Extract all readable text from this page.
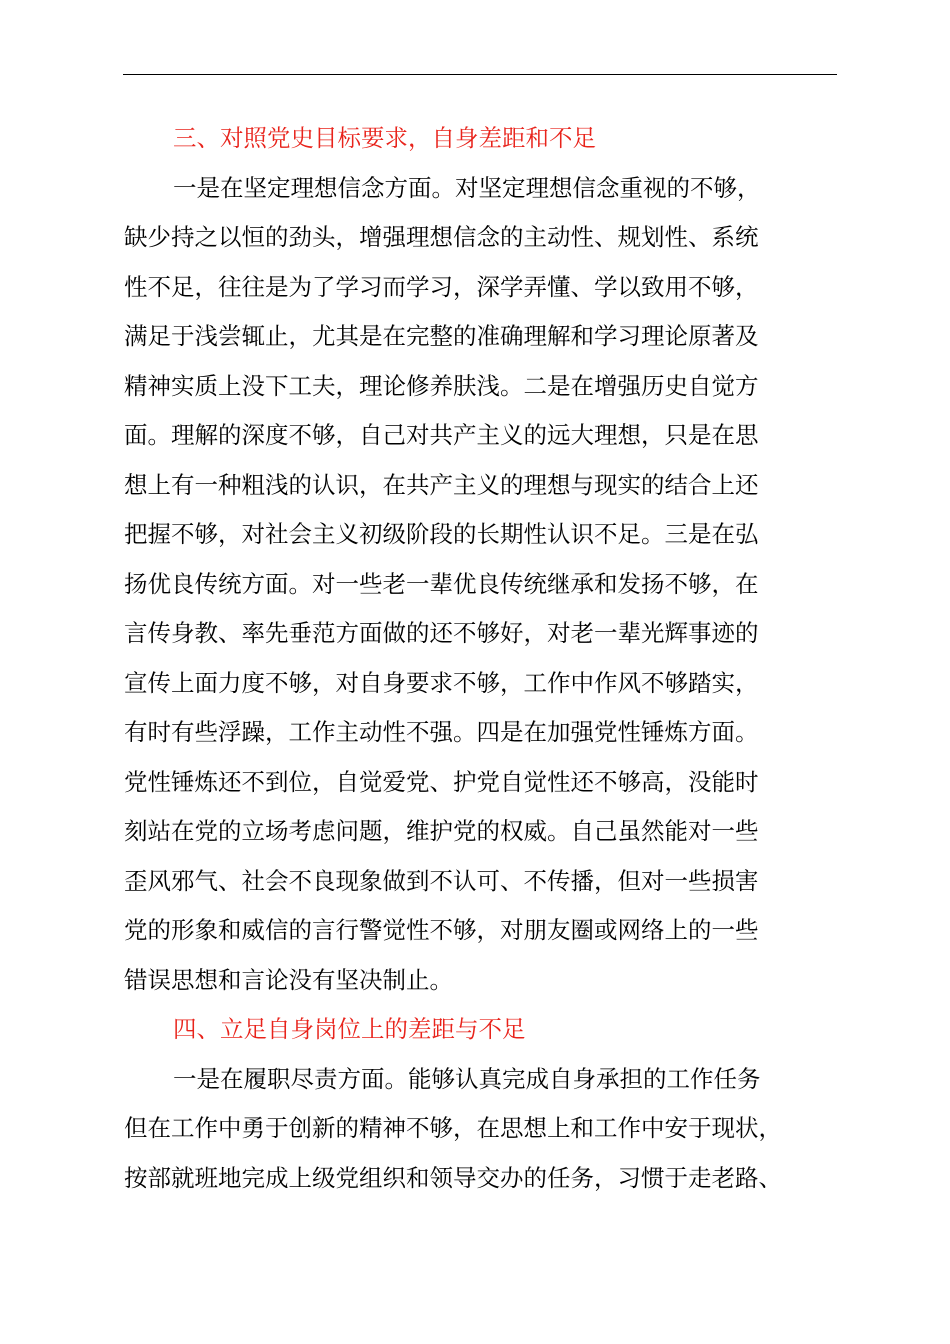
三、对照党史目标要求，自身差距和不足
一是在坚定理想信念方面。对坚定理想信念重视的不够，
缺少持之以恒的劲头，增强理想信念的主动性、规划性、系统
性不足，往往是为了学习而学习，深学弄懂、学以致用不够，
满足于浅尝辄止，尤其是在完整的准确理解和学习理论原著及
精神实质上没下工夫，理论修养肤浅。二是在增强历史自觉方
面。理解的深度不够，自己对共产主义的远大理想，只是在思
想上有一种粗浅的认识，在共产主义的理想与现实的结合上还
把握不够，对社会主义初级阶段的长期性认识不足。三是在弘
扬优良传统方面。对一些老一辈优良传统继承和发扬不够，在
言传身教、率先垂范方面做的还不够好，对老一辈光辉事迹的
宣传上面力度不够，对自身要求不够，工作中作风不够踏实，
有时有些浮躁，工作主动性不强。四是在加强党性锤炼方面。
党性锤炼还不到位，自觉爱党、护党自觉性还不够高，没能时
刻站在党的立场考虑问题，维护党的权威。自己虽然能对一些
歪风邪气、社会不良现象做到不认可、不传播，但对一些损害
党的形象和威信的言行警觉性不够，对朋友圈或网络上的一些
错误思想和言论没有坚决制止。
四、立足自身岗位上的差距与不足
一是在履职尽责方面。能够认真完成自身承担的工作任务
但在工作中勇于创新的精神不够，在思想上和工作中安于现状，
按部就班地完成上级党组织和领导交办的任务，习惯于走老路、
